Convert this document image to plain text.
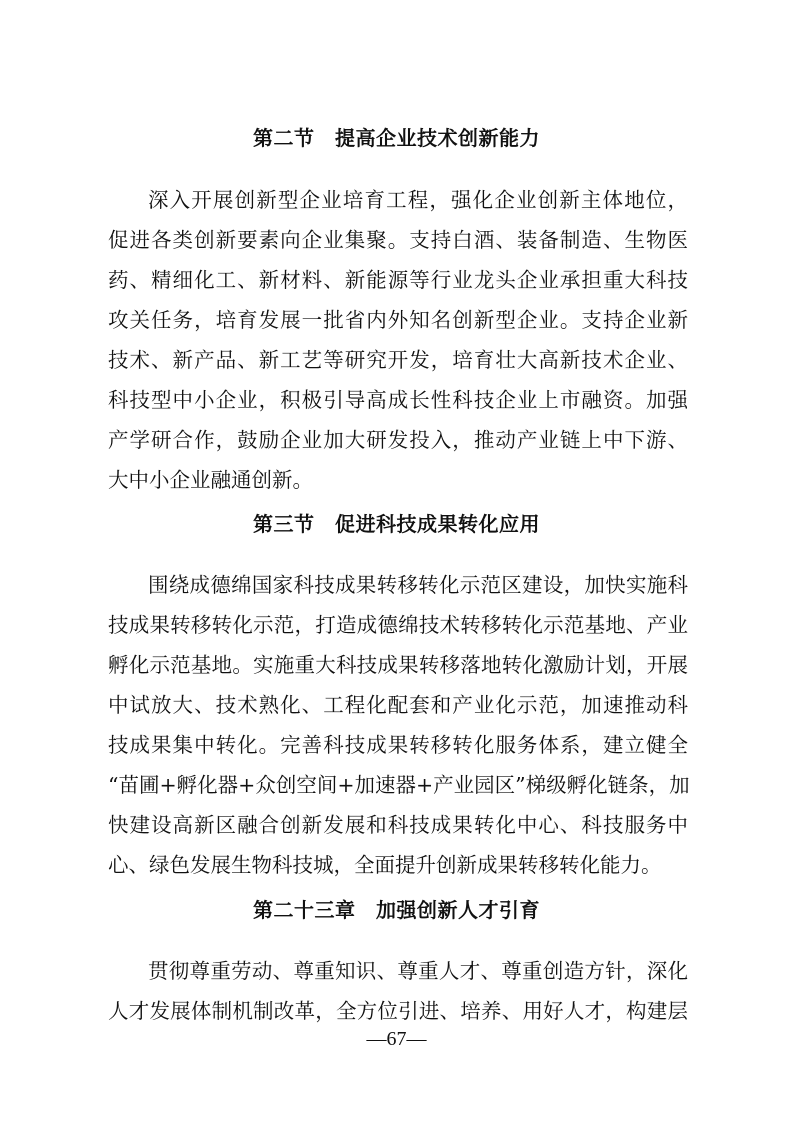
第二节　提高企业技术创新能力
深入开展创新型企业培育工程，强化企业创新主体地位，
促进各类创新要素向企业集聚。支持白酒、装备制造、生物医
药、精细化工、新材料、新能源等行业龙头企业承担重大科技
攻关任务，培育发展一批省内外知名创新型企业。支持企业新
技术、新产品、新工艺等研究开发，培育壮大高新技术企业、
科技型中小企业，积极引导高成长性科技企业上市融资。加强
产学研合作，鼓励企业加大研发投入，推动产业链上中下游、
大中小企业融通创新。
第三节　促进科技成果转化应用
围绕成德绵国家科技成果转移转化示范区建设，加快实施科
技成果转移转化示范，打造成德绵技术转移转化示范基地、产业
孵化示范基地。实施重大科技成果转移落地转化激励计划，开展
中试放大、技术熟化、工程化配套和产业化示范，加速推动科
技成果集中转化。完善科技成果转移转化服务体系，建立健全
“苗圃+孵化器+众创空间+加速器+产业园区”梯级孵化链条，加
快建设高新区融合创新发展和科技成果转化中心、科技服务中
心、绿色发展生物科技城，全面提升创新成果转移转化能力。
第二十三章　加强创新人才引育
贯彻尊重劳动、尊重知识、尊重人才、尊重创造方针，深化
人才发展体制机制改革，全方位引进、培养、用好人才，构建层
—67—
